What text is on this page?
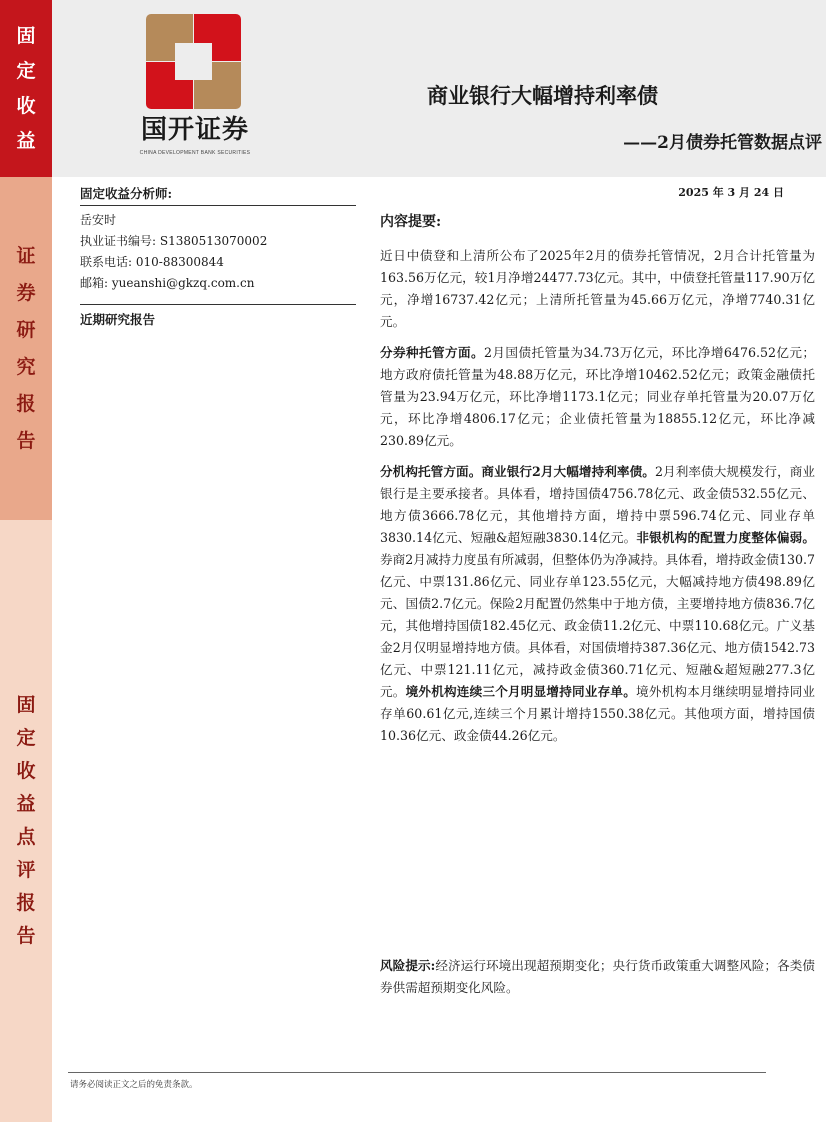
固
定
收
益
证
券
研
究
报
告
固
定
收
益
点
评
报
告
国开证券
CHINA DEVELOPMENT BANK SECURITIES
商业银行大幅增持利率债
——2月债券托管数据点评
固定收益分析师:
岳安时
执业证书编号: S1380513070002
联系电话: 010-88300844
邮箱: yueanshi@gkzq.com.cn
近期研究报告
2025 年 3 月 24 日
内容提要:

近日中债登和上清所公布了2025年2月的债券托管情况，2月合计托管量为163.56万亿元，较1月净增24477.73亿元。其中，中债登托管量117.90万亿元，净增16737.42亿元；上清所托管量为45.66万亿元，净增7740.31亿元。

分券种托管方面。2月国债托管量为34.73万亿元，环比净增6476.52亿元；地方政府债托管量为48.88万亿元，环比净增10462.52亿元；政策金融债托管量为23.94万亿元，环比净增1173.1亿元；同业存单托管量为20.07万亿元，环比净增4806.17亿元；企业债托管量为18855.12亿元，环比净减230.89亿元。

分机构托管方面。商业银行2月大幅增持利率债。2月利率债大规模发行，商业银行是主要承接者。具体看，增持国债4756.78亿元、政金债532.55亿元、地方债3666.78亿元，其他增持方面，增持中票596.74亿元、同业存单3830.14亿元、短融&超短融3830.14亿元。非银机构的配置力度整体偏弱。券商2月减持力度虽有所减弱，但整体仍为净减持。具体看，增持政金债130.7亿元、中票131.86亿元、同业存单123.55亿元，大幅减持地方债498.89亿元、国债2.7亿元。保险2月配置仍然集中于地方债，主要增持地方债836.7亿元，其他增持国债182.45亿元、政金债11.2亿元、中票110.68亿元。广义基金2月仅明显增持地方债。具体看，对国债增持387.36亿元、地方债1542.73亿元、中票121.11亿元，减持政金债360.71亿元、短融&超短融277.3亿元。境外机构连续三个月明显增持同业存单。境外机构本月继续明显增持同业存单60.61亿元,连续三个月累计增持1550.38亿元。其他项方面，增持国债10.36亿元、政金债44.26亿元。

风险提示:经济运行环境出现超预期变化；央行货币政策重大调整风险；各类债券供需超预期变化风险。
请务必阅读正文之后的免责条款。
